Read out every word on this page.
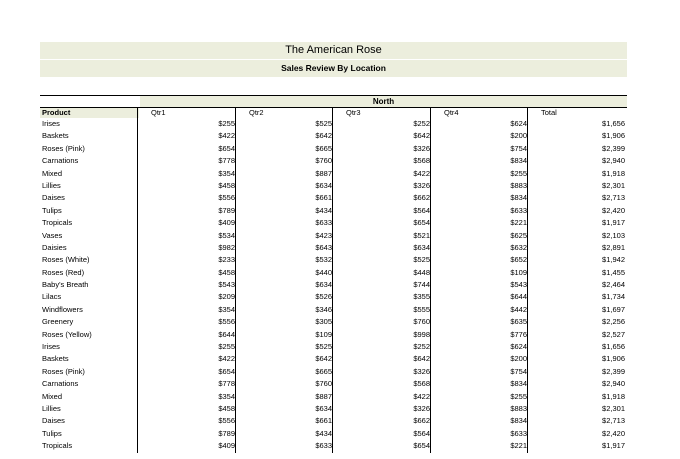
The American Rose
Sales Review By Location
North
Product	Qtr1	Qtr2	Qtr3	Qtr4	Total
Irises	$255	$525	$252	$624	$1,656
Baskets	$422	$642	$642	$200	$1,906
Roses (Pink)	$654	$665	$326	$754	$2,399
Carnations	$778	$760	$568	$834	$2,940
Mixed	$354	$887	$422	$255	$1,918
Lillies	$458	$634	$326	$883	$2,301
Daises	$556	$661	$662	$834	$2,713
Tulips	$789	$434	$564	$633	$2,420
Tropicals	$409	$633	$654	$221	$1,917
Vases	$534	$423	$521	$625	$2,103
Daisies	$982	$643	$634	$632	$2,891
Roses (White)	$233	$532	$525	$652	$1,942
Roses (Red)	$458	$440	$448	$109	$1,455
Baby's Breath	$543	$634	$744	$543	$2,464
Lilacs	$209	$526	$355	$644	$1,734
Windflowers	$354	$346	$555	$442	$1,697
Greenery	$556	$305	$760	$635	$2,256
Roses (Yellow)	$644	$109	$998	$776	$2,527
Irises	$255	$525	$252	$624	$1,656
Baskets	$422	$642	$642	$200	$1,906
Roses (Pink)	$654	$665	$326	$754	$2,399
Carnations	$778	$760	$568	$834	$2,940
Mixed	$354	$887	$422	$255	$1,918
Lillies	$458	$634	$326	$883	$2,301
Daises	$556	$661	$662	$834	$2,713
Tulips	$789	$434	$564	$633	$2,420
Tropicals	$409	$633	$654	$221	$1,917
